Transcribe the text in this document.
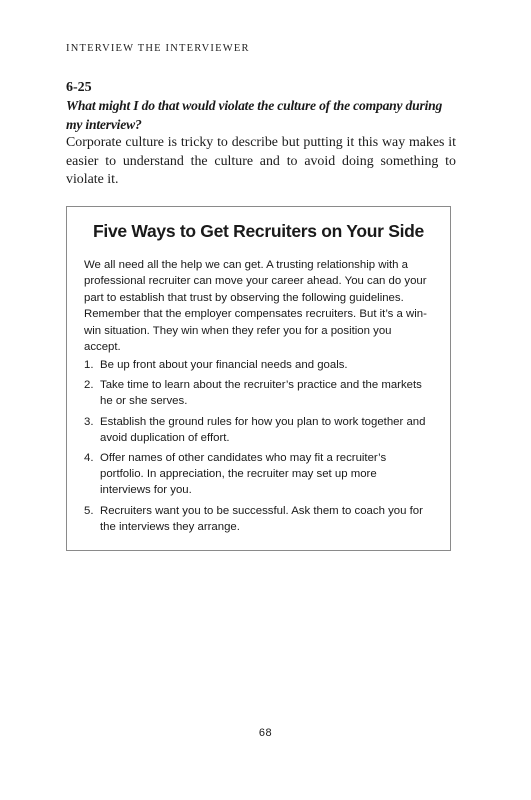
INTERVIEW THE INTERVIEWER
6-25
What might I do that would violate the culture of the company during my interview?
Corporate culture is tricky to describe but putting it this way makes it easier to understand the culture and to avoid doing something to violate it.
Five Ways to Get Recruiters on Your Side
We all need all the help we can get. A trusting relationship with a professional recruiter can move your career ahead. You can do your part to establish that trust by observing the following guidelines. Remember that the employer compensates recruiters. But it’s a win-win situation. They win when they refer you for a position you accept.
1. Be up front about your financial needs and goals.
2. Take time to learn about the recruiter’s practice and the markets he or she serves.
3. Establish the ground rules for how you plan to work together and avoid duplication of effort.
4. Offer names of other candidates who may fit a recruiter’s portfolio. In appreciation, the recruiter may set up more interviews for you.
5. Recruiters want you to be successful. Ask them to coach you for the interviews they arrange.
68
